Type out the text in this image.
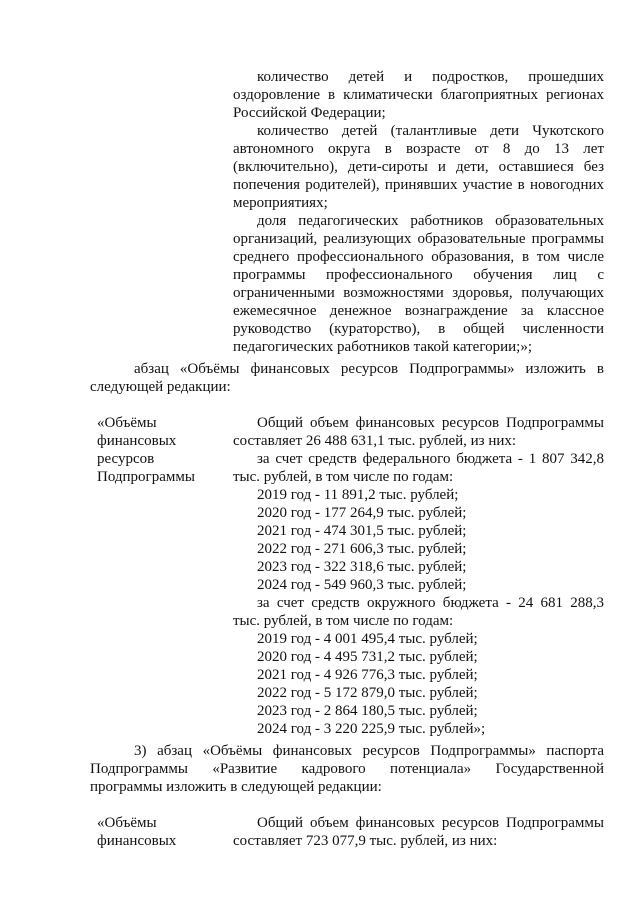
количество детей и подростков, прошедших
оздоровление в климатически благоприятных регионах
Российской Федерации;
количество детей (талантливые дети Чукотского
автономного округа в возрасте от 8 до 13 лет
(включительно), дети-сироты и дети, оставшиеся без
попечения родителей), принявших участие в новогодних
мероприятиях;
доля педагогических работников образовательных
организаций, реализующих образовательные программы
среднего профессионального образования, в том числе
программы профессионального обучения лиц с
ограниченными возможностями здоровья, получающих
ежемесячное денежное вознаграждение за классное
руководство (кураторство), в общей численности
педагогических работников такой категории;»;
абзац «Объёмы финансовых ресурсов Подпрограммы» изложить в
следующей редакции:
«Объёмы
финансовых
ресурсов
Подпрограммы
Общий объем финансовых ресурсов Подпрограммы
составляет 26 488 631,1 тыс. рублей, из них:
за счет средств федерального бюджета - 1 807 342,8
тыс. рублей, в том числе по годам:
2019 год - 11 891,2 тыс. рублей;
2020 год - 177 264,9 тыс. рублей;
2021 год - 474 301,5 тыс. рублей;
2022 год - 271 606,3 тыс. рублей;
2023 год - 322 318,6 тыс. рублей;
2024 год - 549 960,3 тыс. рублей;
за счет средств окружного бюджета - 24 681 288,3
тыс. рублей, в том числе по годам:
2019 год - 4 001 495,4 тыс. рублей;
2020 год - 4 495 731,2 тыс. рублей;
2021 год - 4 926 776,3 тыс. рублей;
2022 год - 5 172 879,0 тыс. рублей;
2023 год - 2 864 180,5 тыс. рублей;
2024 год - 3 220 225,9 тыс. рублей»;
3) абзац «Объёмы финансовых ресурсов Подпрограммы» паспорта
Подпрограммы «Развитие кадрового потенциала» Государственной
программы изложить в следующей редакции:
«Объёмы
финансовых
Общий объем финансовых ресурсов Подпрограммы
составляет 723 077,9 тыс. рублей, из них:
